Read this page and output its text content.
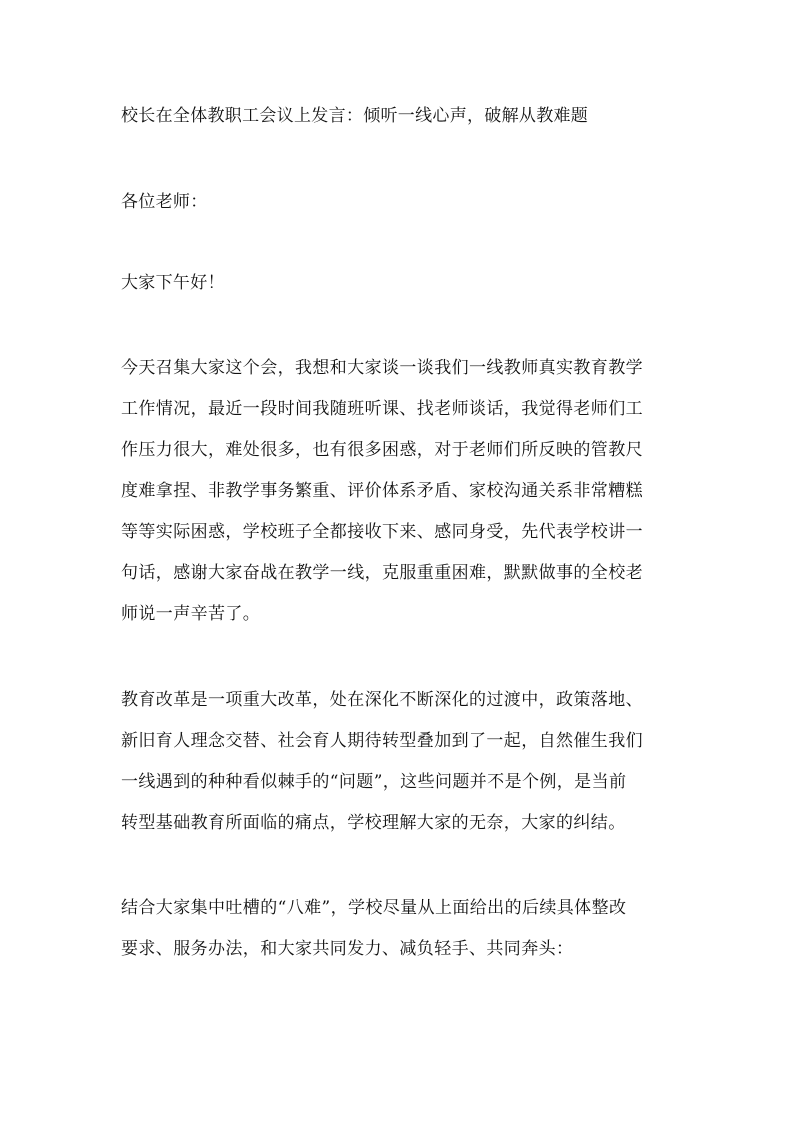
校长在全体教职工会议上发言：倾听一线心声，破解从教难题

各位老师：

大家下午好！

今天召集大家这个会，我想和大家谈一谈我们一线教师真实教育教学

工作情况，最近一段时间我随班听课、找老师谈话，我觉得老师们工

作压力很大，难处很多，也有很多困惑，对于老师们所反映的管教尺

度难拿捏、非教学事务繁重、评价体系矛盾、家校沟通关系非常糟糕

等等实际困惑，学校班子全都接收下来、感同身受，先代表学校讲一

句话，感谢大家奋战在教学一线，克服重重困难，默默做事的全校老

师说一声辛苦了。

教育改革是一项重大改革，处在深化不断深化的过渡中，政策落地、

新旧育人理念交替、社会育人期待转型叠加到了一起，自然催生我们

一线遇到的种种看似棘手的“问题”，这些问题并不是个例，是当前

转型基础教育所面临的痛点，学校理解大家的无奈，大家的纠结。

结合大家集中吐槽的“八难”，学校尽量从上面给出的后续具体整改

要求、服务办法，和大家共同发力、减负轻手、共同奔头：
